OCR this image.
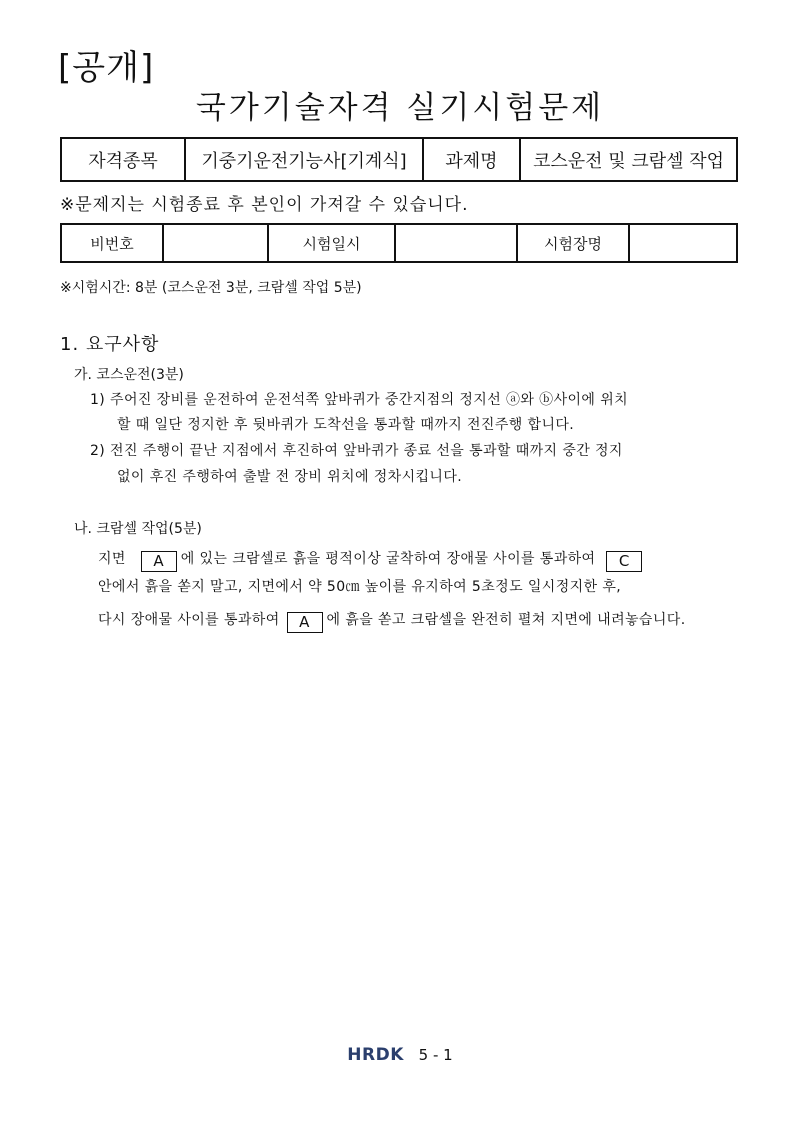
[공개]
국가기술자격 실기시험문제
자격종목	기중기운전기능사[기계식]	과제명	코스운전 및 크람셀 작업
※문제지는 시험종료 후 본인이 가져갈 수 있습니다.
비번호		시험일시		시험장명	
※시험시간: 8분 (코스운전 3분, 크람셀 작업 5분)
1. 요구사항
가. 코스운전(3분)
1) 주어진 장비를 운전하여 운전석쪽 앞바퀴가 중간지점의 정지선 ⓐ와 ⓑ사이에 위치
할 때 일단 정지한 후 뒷바퀴가 도착선을 통과할 때까지 전진주행 합니다.
2) 전진 주행이 끝난 지점에서 후진하여 앞바퀴가 종료 선을 통과할 때까지 중간 정지
없이 후진 주행하여 출발 전 장비 위치에 정차시킵니다.
나. 크람셀 작업(5분)
지면 A 에 있는 크람셀로 흙을 평적이상 굴착하여 장애물 사이를 통과하여 C
안에서 흙을 쏟지 말고, 지면에서 약 50㎝ 높이를 유지하여 5초정도 일시정지한 후,
다시 장애물 사이를 통과하여 A 에 흙을 쏟고 크람셀을 완전히 펼쳐 지면에 내려놓습니다.
HRDK 5 - 1
